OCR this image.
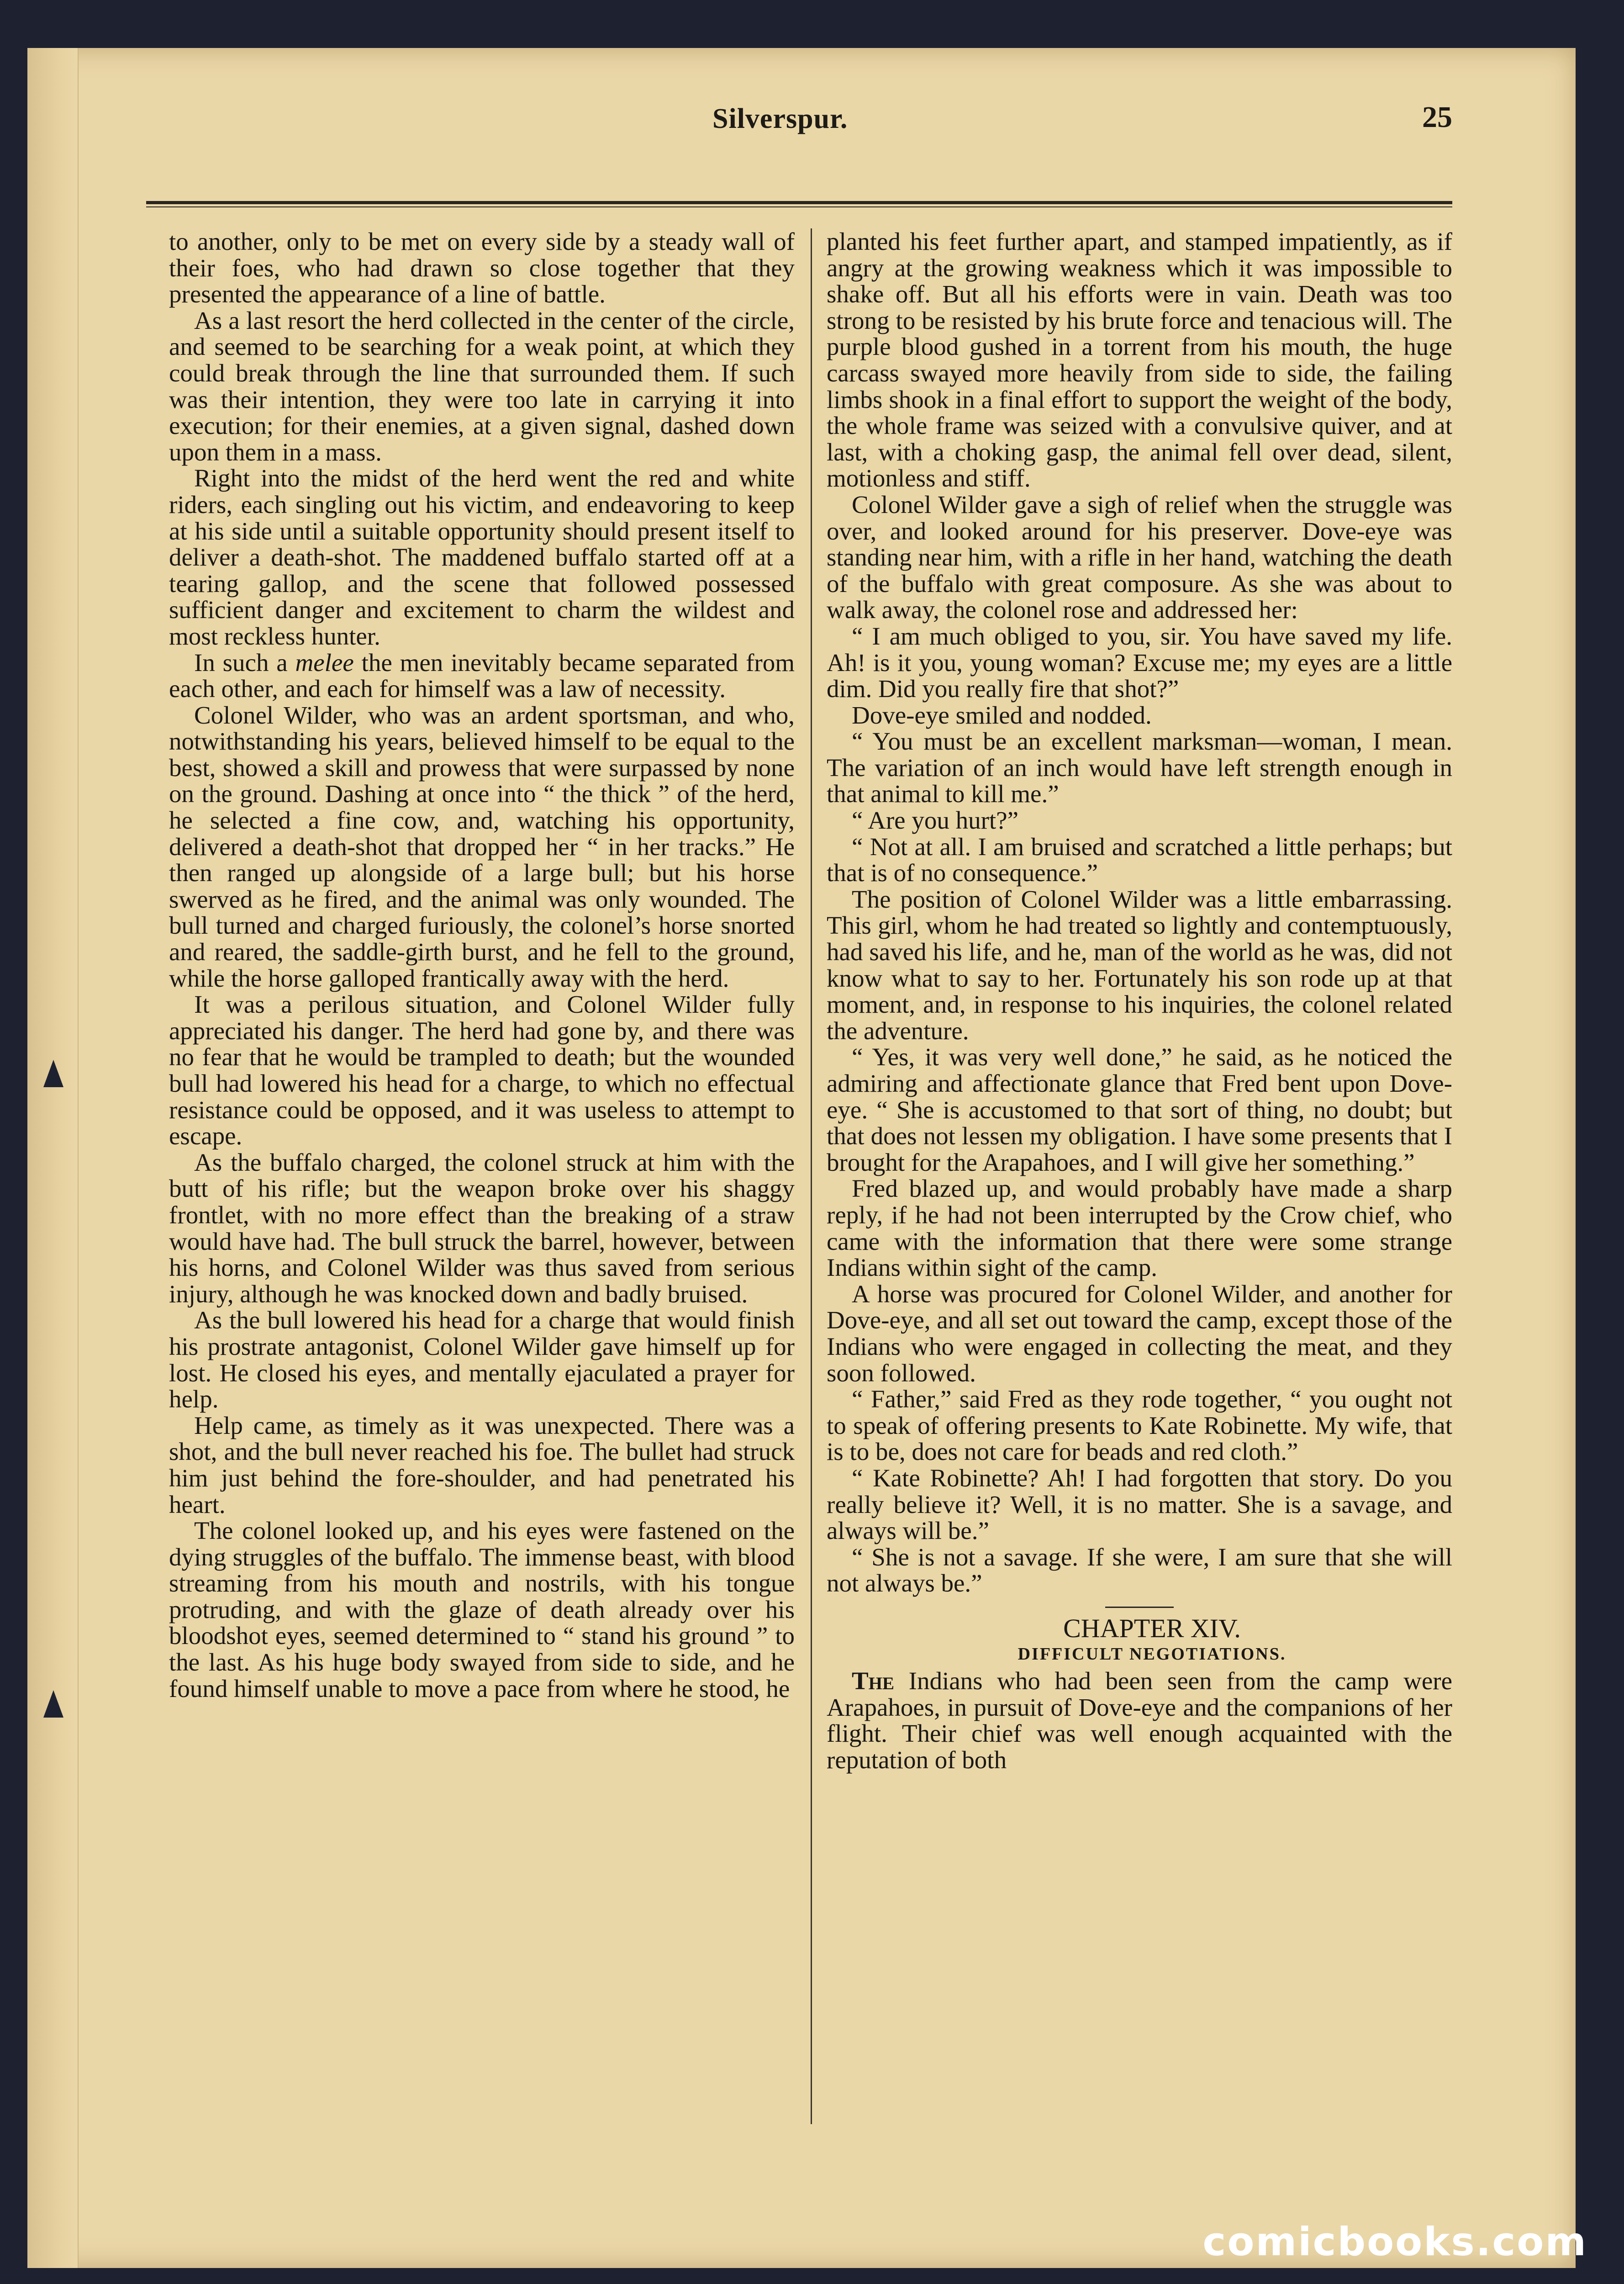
Silverspur.	25

to another, only to be met on every side by a steady wall of their foes, who had drawn so close together that they presented the appearance of a line of battle.

As a last resort the herd collected in the center of the circle, and seemed to be searching for a weak point, at which they could break through the line that surrounded them. If such was their intention, they were too late in carrying it into execution; for their enemies, at a given signal, dashed down upon them in a mass.

Right into the midst of the herd went the red and white riders, each singling out his victim, and endeavoring to keep at his side until a suitable opportunity should present itself to deliver a death-shot. The maddened buffalo started off at a tearing gallop, and the scene that followed possessed sufficient danger and excitement to charm the wildest and most reckless hunter.

In such a melee the men inevitably became separated from each other, and each for himself was a law of necessity.

Colonel Wilder, who was an ardent sportsman, and who, notwithstanding his years, believed himself to be equal to the best, showed a skill and prowess that were surpassed by none on the ground. Dashing at once into “ the thick ” of the herd, he selected a fine cow, and, watching his opportunity, delivered a death-shot that dropped her “ in her tracks.” He then ranged up alongside of a large bull; but his horse swerved as he fired, and the animal was only wounded. The bull turned and charged furiously, the colonel’s horse snorted and reared, the saddle-girth burst, and he fell to the ground, while the horse galloped frantically away with the herd.

It was a perilous situation, and Colonel Wilder fully appreciated his danger. The herd had gone by, and there was no fear that he would be trampled to death; but the wounded bull had lowered his head for a charge, to which no effectual resistance could be opposed, and it was useless to attempt to escape.

As the buffalo charged, the colonel struck at him with the butt of his rifle; but the weapon broke over his shaggy frontlet, with no more effect than the breaking of a straw would have had. The bull struck the barrel, however, between his horns, and Colonel Wilder was thus saved from serious injury, although he was knocked down and badly bruised.

As the bull lowered his head for a charge that would finish his prostrate antagonist, Colonel Wilder gave himself up for lost. He closed his eyes, and mentally ejaculated a prayer for help.

Help came, as timely as it was unexpected. There was a shot, and the bull never reached his foe. The bullet had struck him just behind the fore-shoulder, and had penetrated his heart.

The colonel looked up, and his eyes were fastened on the dying struggles of the buffalo. The immense beast, with blood streaming from his mouth and nostrils, with his tongue protruding, and with the glaze of death already over his bloodshot eyes, seemed determined to “ stand his ground ” to the last. As his huge body swayed from side to side, and he found himself unable to move a pace from where he stood, he

planted his feet further apart, and stamped impatiently, as if angry at the growing weakness which it was impossible to shake off. But all his efforts were in vain. Death was too strong to be resisted by his brute force and tenacious will. The purple blood gushed in a torrent from his mouth, the huge carcass swayed more heavily from side to side, the failing limbs shook in a final effort to support the weight of the body, the whole frame was seized with a convulsive quiver, and at last, with a choking gasp, the animal fell over dead, silent, motionless and stiff.

Colonel Wilder gave a sigh of relief when the struggle was over, and looked around for his preserver. Dove-eye was standing near him, with a rifle in her hand, watching the death of the buffalo with great composure. As she was about to walk away, the colonel rose and addressed her:

“ I am much obliged to you, sir. You have saved my life. Ah! is it you, young woman? Excuse me; my eyes are a little dim. Did you really fire that shot?”

Dove-eye smiled and nodded.

“ You must be an excellent marksman—woman, I mean. The variation of an inch would have left strength enough in that animal to kill me.”

“ Are you hurt?”

“ Not at all. I am bruised and scratched a little perhaps; but that is of no consequence.”

The position of Colonel Wilder was a little embarrassing. This girl, whom he had treated so lightly and contemptuously, had saved his life, and he, man of the world as he was, did not know what to say to her. Fortunately his son rode up at that moment, and, in response to his inquiries, the colonel related the adventure.

“ Yes, it was very well done,” he said, as he noticed the admiring and affectionate glance that Fred bent upon Dove-eye. “ She is accustomed to that sort of thing, no doubt; but that does not lessen my obligation. I have some presents that I brought for the Arapahoes, and I will give her something.”

Fred blazed up, and would probably have made a sharp reply, if he had not been interrupted by the Crow chief, who came with the information that there were some strange Indians within sight of the camp.

A horse was procured for Colonel Wilder, and another for Dove-eye, and all set out toward the camp, except those of the Indians who were engaged in collecting the meat, and they soon followed.

“ Father,” said Fred as they rode together, “ you ought not to speak of offering presents to Kate Robinette. My wife, that is to be, does not care for beads and red cloth.”

“ Kate Robinette? Ah! I had forgotten that story. Do you really believe it? Well, it is no matter. She is a savage, and always will be.”

“ She is not a savage. If she were, I am sure that she will not always be.”

CHAPTER XIV.

DIFFICULT NEGOTIATIONS.

The Indians who had been seen from the camp were Arapahoes, in pursuit of Dove-eye and the companions of her flight. Their chief was well enough acquainted with the reputation of both

comicbooks.com
